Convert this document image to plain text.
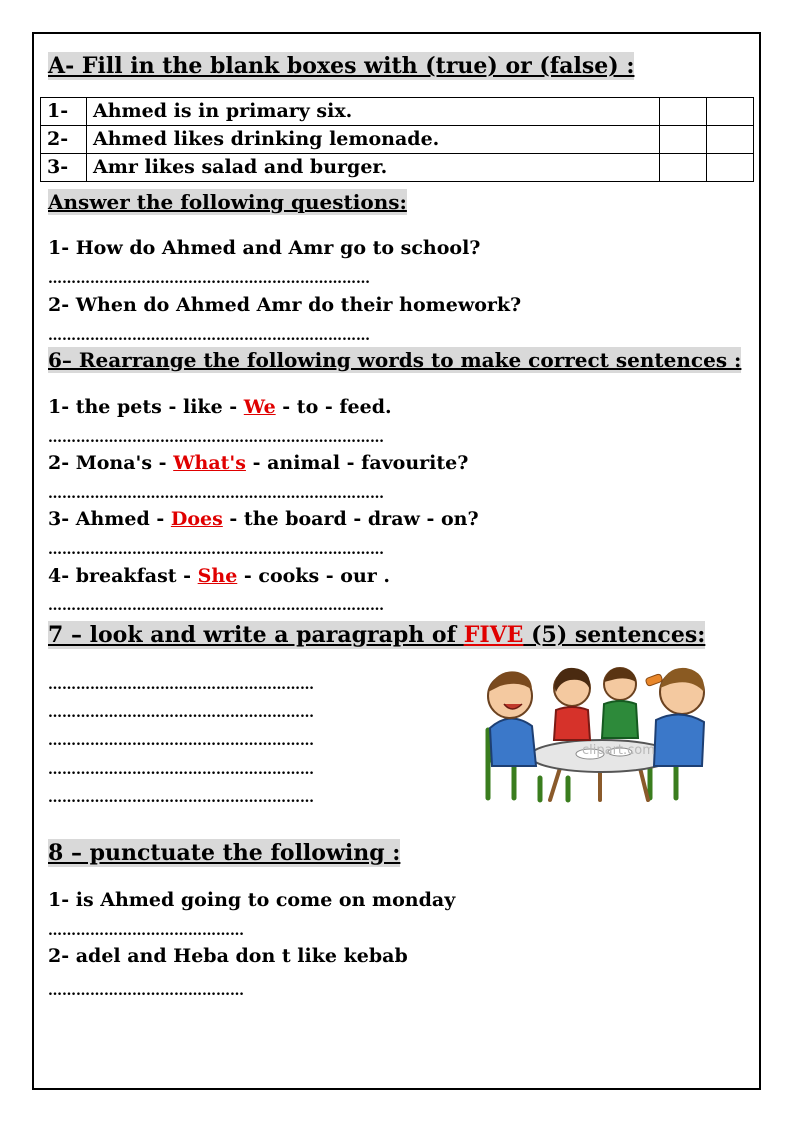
A- Fill in the blank boxes with (true) or (false) :
1-	Ahmed is in primary six.		
2-	Ahmed likes drinking lemonade.		
3-	Amr likes salad and burger.		
Answer the following questions:
1- How do Ahmed and Amr go to school?
……………………………………………………………
2- When do Ahmed Amr do their homework?
……………………………………………………………
6– Rearrange the following words to make correct sentences :
1- the pets - like - We - to - feed.
………………………………………………………………
2- Mona's - What's - animal - favourite?
………………………………………………………………
3- Ahmed - Does - the board - draw - on?
………………………………………………………………
4- breakfast - She - cooks - our .
………………………………………………………………
7 – look and write a paragraph of FIVE (5) sentences:
…………………………………………………
…………………………………………………
…………………………………………………
…………………………………………………
…………………………………………………
clipart.com
8 – punctuate the following :
1- is Ahmed going to come on monday
……………………………………
2- adel and Heba don t like kebab
……………………………………
